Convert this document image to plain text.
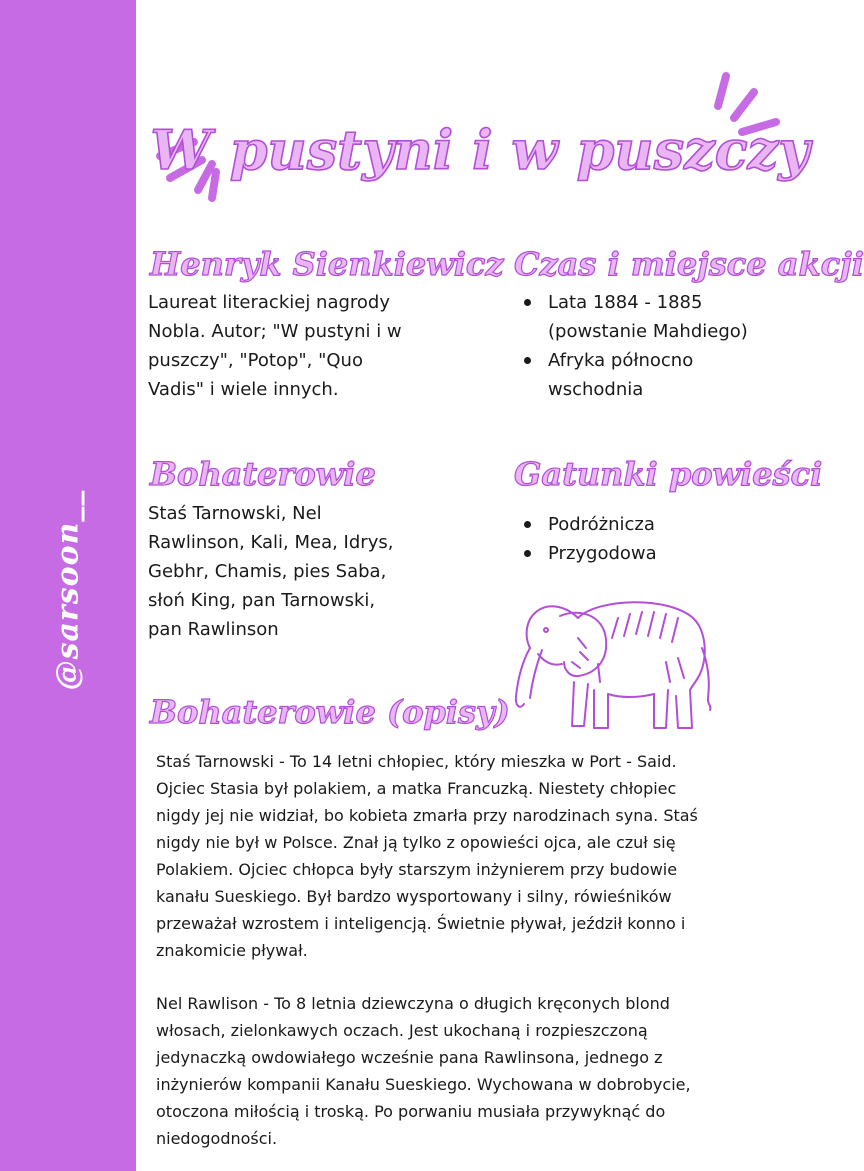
@sarsoon__
W pustyni i w puszczy
Henryk Sienkiewicz
Laureat literackiej nagrody
Nobla. Autor; "W pustyni i w
puszczy", "Potop", "Quo
Vadis" i wiele innych.
Czas i miejsce akcji
Lata 1884 - 1885
(powstanie Mahdiego)
Afryka północno
wschodnia
Bohaterowie
Staś Tarnowski, Nel
Rawlinson, Kali, Mea, Idrys,
Gebhr, Chamis, pies Saba,
słoń King, pan Tarnowski,
pan Rawlinson
Gatunki powieści
Podróżnicza
Przygodowa
Bohaterowie (opisy)
Staś Tarnowski - To 14 letni chłopiec, który mieszka w Port - Said.
Ojciec Stasia był polakiem, a matka Francuzką. Niestety chłopiec
nigdy jej nie widział, bo kobieta zmarła przy narodzinach syna. Staś
nigdy nie był w Polsce. Znał ją tylko z opowieści ojca, ale czuł się
Polakiem. Ojciec chłopca były starszym inżynierem przy budowie
kanału Sueskiego. Był bardzo wysportowany i silny, rówieśników
przeważał wzrostem i inteligencją. Świetnie pływał, jeździł konno i
znakomicie pływał.
Nel Rawlison - To 8 letnia dziewczyna o długich kręconych blond
włosach, zielonkawych oczach. Jest ukochaną i rozpieszczoną
jedynaczką owdowiałego wcześnie pana Rawlinsona, jednego z
inżynierów kompanii Kanału Sueskiego. Wychowana w dobrobycie,
otoczona miłością i troską. Po porwaniu musiała przywyknąć do
niedogodności.
